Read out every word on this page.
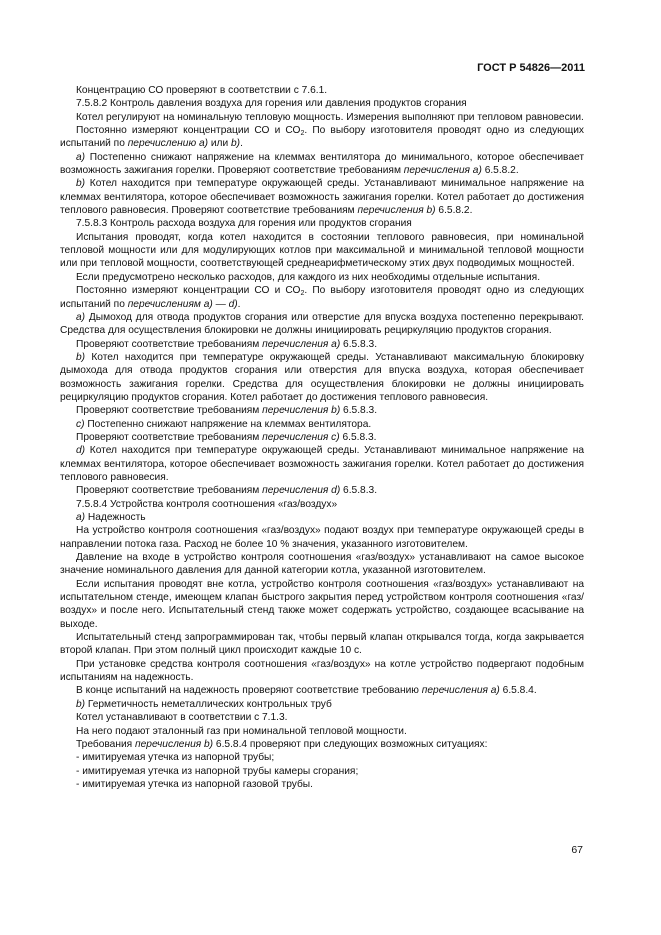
ГОСТ Р 54826—2011

Концентрацию СО проверяют в соответствии с 7.6.1.

7.5.8.2 Контроль давления воздуха для горения или давления продуктов сгорания

Котел регулируют на номинальную тепловую мощность. Измерения выполняют при тепловом равновесии.

Постоянно измеряют концентрации СО и $СО_2$. По выбору изготовителя проводят одно из следующих испытаний по перечислению а) или b).

a) Постепенно снижают напряжение на клеммах вентилятора до минимального, которое обеспечивает возможность зажигания горелки. Проверяют соответствие требованиям перечисления а) 6.5.8.2.

b) Котел находится при температуре окружающей среды. Устанавливают минимальное напряжение на клеммах вентилятора, которое обеспечивает возможность зажигания горелки. Котел работает до достижения теплового равновесия. Проверяют соответствие требованиям перечисления b) 6.5.8.2.

7.5.8.3 Контроль расхода воздуха для горения или продуктов сгорания

Испытания проводят, когда котел находится в состоянии теплового равновесия, при номинальной тепловой мощности или для модулирующих котлов при максимальной и минимальной тепловой мощности или при тепловой мощности, соответствующей среднеарифметическому этих двух подводимых мощностей.

Если предусмотрено несколько расходов, для каждого из них необходимы отдельные испытания.

Постоянно измеряют концентрации СО и $СО_2$. По выбору изготовителя проводят одно из следующих испытаний по перечислениям а) — d).

a) Дымоход для отвода продуктов сгорания или отверстие для впуска воздуха постепенно перекрывают. Средства для осуществления блокировки не должны инициировать рециркуляцию продуктов сгорания.

Проверяют соответствие требованиям перечисления а) 6.5.8.3.

b) Котел находится при температуре окружающей среды. Устанавливают максимальную блокировку дымохода для отвода продуктов сгорания или отверстия для впуска воздуха, которая обеспечивает возможность зажигания горелки. Средства для осуществления блокировки не должны инициировать рециркуляцию продуктов сгорания. Котел работает до достижения теплового равновесия.

Проверяют соответствие требованиям перечисления b) 6.5.8.3.

c) Постепенно снижают напряжение на клеммах вентилятора.

Проверяют соответствие требованиям перечисления с) 6.5.8.3.

d) Котел находится при температуре окружающей среды. Устанавливают минимальное напряжение на клеммах вентилятора, которое обеспечивает возможность зажигания горелки. Котел работает до достижения теплового равновесия.

Проверяют соответствие требованиям перечисления d) 6.5.8.3.

7.5.8.4 Устройства контроля соотношения «газ/воздух»

а) Надежность

На устройство контроля соотношения «газ/воздух» подают воздух при температуре окружающей среды в направлении потока газа. Расход не более 10 % значения, указанного изготовителем.

Давление на входе в устройство контроля соотношения «газ/воздух» устанавливают на самое высокое значение номинального давления для данной категории котла, указанной изготовителем.

Если испытания проводят вне котла, устройство контроля соотношения «газ/воздух» устанавливают на испытательном стенде, имеющем клапан быстрого закрытия перед устройством контроля соотношения «газ/воздух» и после него. Испытательный стенд также может содержать устройство, создающее всасывание на выходе.

Испытательный стенд запрограммирован так, чтобы первый клапан открывался тогда, когда закрывается второй клапан. При этом полный цикл происходит каждые 10 с.

При установке средства контроля соотношения «газ/воздух» на котле устройство подвергают подобным испытаниям на надежность.

В конце испытаний на надежность проверяют соответствие требованию перечисления а) 6.5.8.4.

b) Герметичность неметаллических контрольных труб

Котел устанавливают в соответствии с 7.1.3.

На него подают эталонный газ при номинальной тепловой мощности.

Требования перечисления b) 6.5.8.4 проверяют при следующих возможных ситуациях:

- имитируемая утечка из напорной трубы;

- имитируемая утечка из напорной трубы камеры сгорания;

- имитируемая утечка из напорной газовой трубы.

67
